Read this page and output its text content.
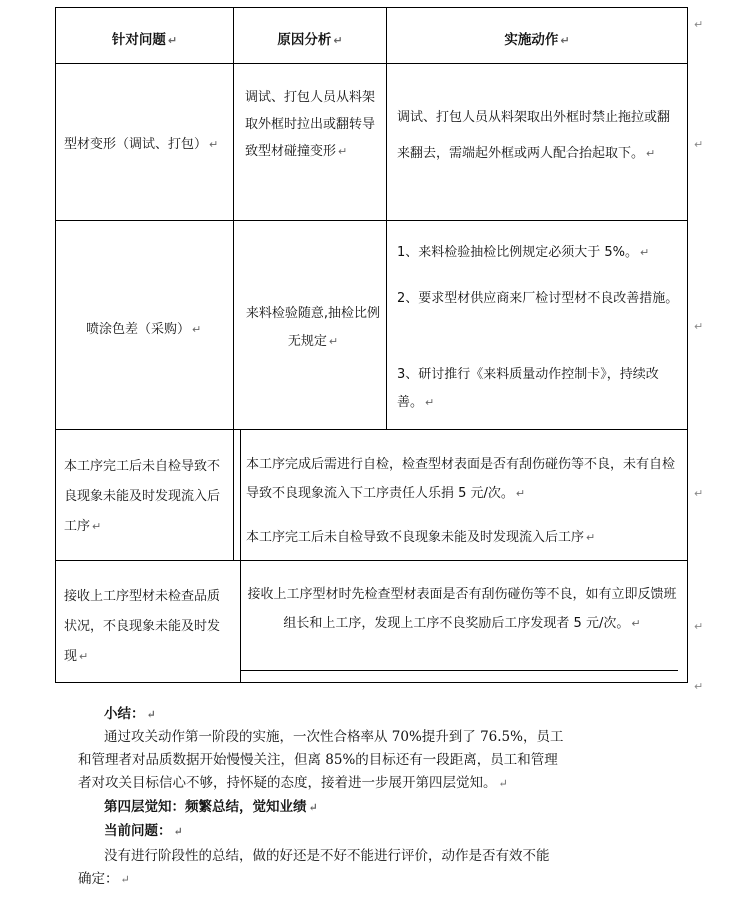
针对问题 ↵	原因分析 ↵	实施动作 ↵
型材变形（调试、打包） ↵
调试、打包人员从料架取外框时拉出或翻转导致型材碰撞变形 ↵
调试、打包人员从料架取出外框时禁止拖拉或翻来翻去，需端起外框或两人配合抬起取下。 ↵
喷涂色差（采购） ↵
来料检验随意,抽检比例无规定 ↵
1、来料检验抽检比例规定必须大于 5%。 ↵
2、要求型材供应商来厂检讨型材不良改善措施。
3、研讨推行《来料质量动作控制卡》，持续改善。 ↵
本工序完工后未自检导致不良现象未能及时发现流入后工序 ↵
本工序完成后需进行自检，检查型材表面是否有刮伤碰伤等不良，未有自检导致不良现象流入下工序责任人乐捐 5 元/次。 ↵
本工序完工后未自检导致不良现象未能及时发现流入后工序 ↵
接收上工序型材未检查品质状况，不良现象未能及时发现 ↵
接收上工序型材时先检查型材表面是否有刮伤碰伤等不良，如有立即反馈班组长和上工序，发现上工序不良奖励后工序发现者 5 元/次。 ↵
↵
↵
↵
↵
↵
↵
小结： ↵
通过攻关动作第一阶段的实施，一次性合格率从 70%提升到了 76.5%，员工
和管理者对品质数据开始慢慢关注，但离 85%的目标还有一段距离，员工和管理
者对攻关目标信心不够，持怀疑的态度，接着进一步展开第四层觉知。 ↵
第四层觉知：频繁总结，觉知业绩 ↵
当前问题： ↵
没有进行阶段性的总结，做的好还是不好不能进行评价，动作是否有效不能
确定： ↵
